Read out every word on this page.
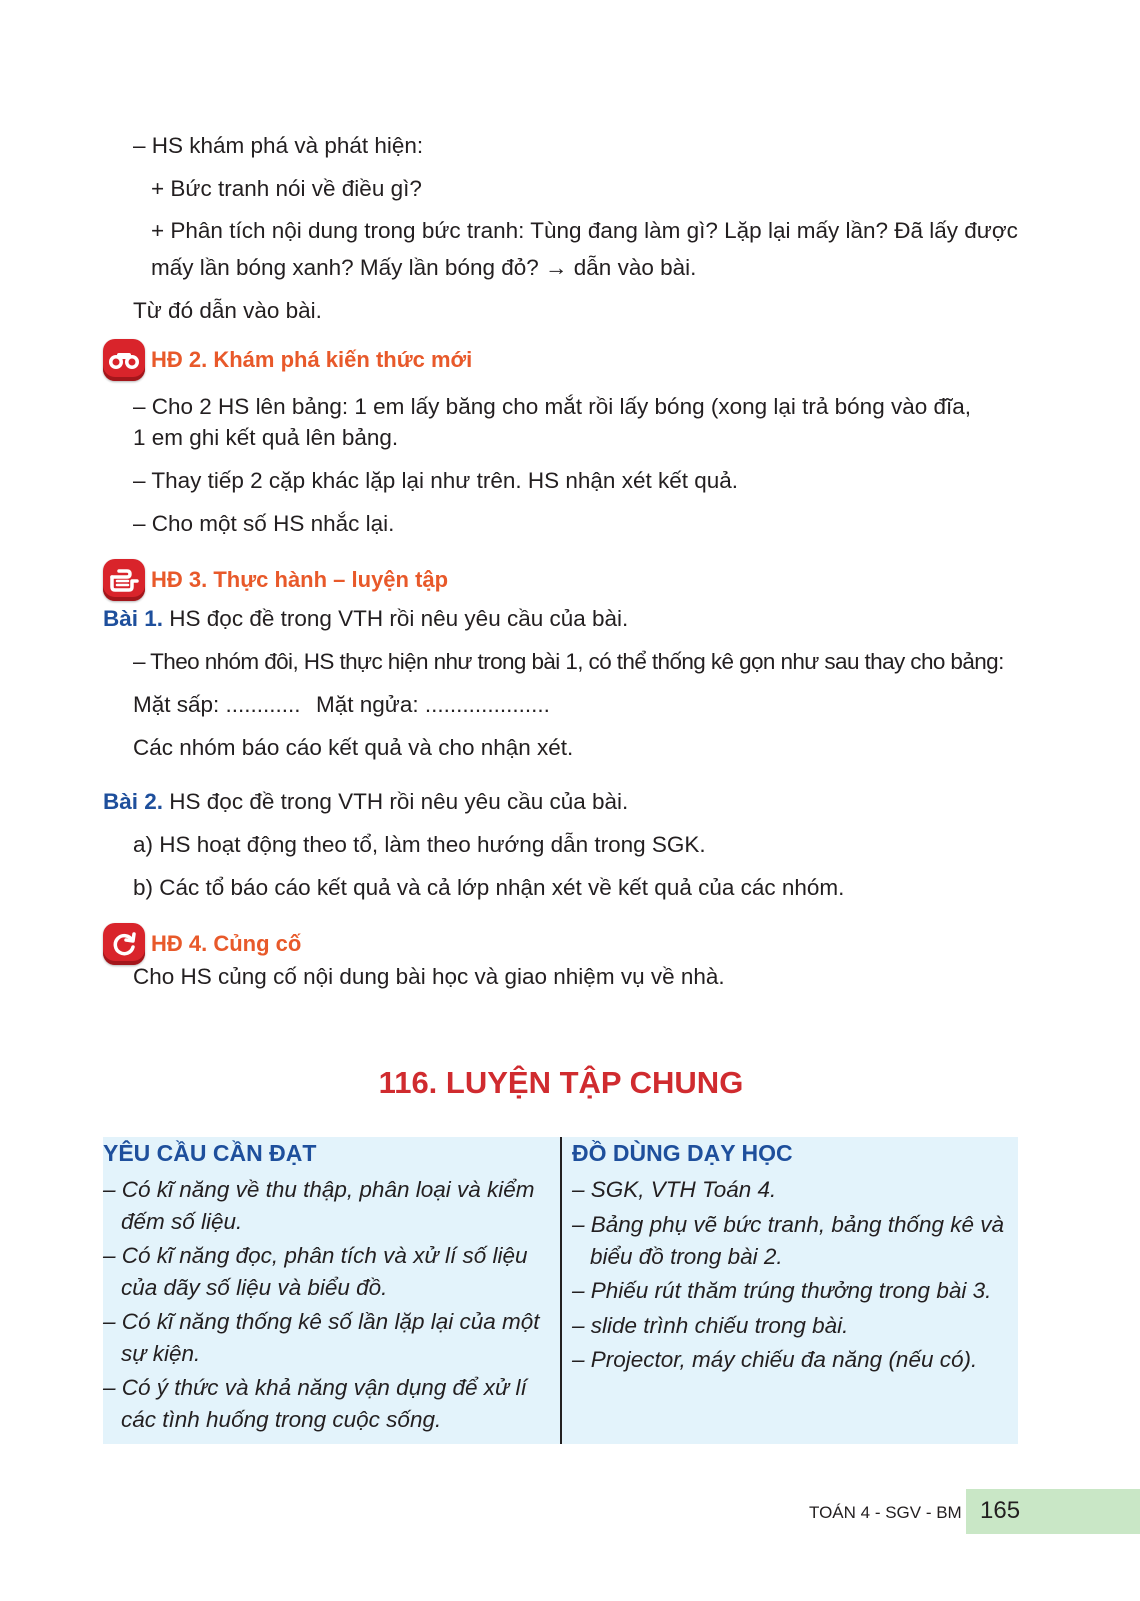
– HS khám phá và phát hiện:
+ Bức tranh nói về điều gì?
+ Phân tích nội dung trong bức tranh: Tùng đang làm gì? Lặp lại mấy lần? Đã lấy được
mấy lần bóng xanh? Mấy lần bóng đỏ? → dẫn vào bài.
Từ đó dẫn vào bài.
HĐ 2. Khám phá kiến thức mới
– Cho 2 HS lên bảng: 1 em lấy băng cho mắt rồi lấy bóng (xong lại trả bóng vào đĩa,
1 em ghi kết quả lên bảng.
– Thay tiếp 2 cặp khác lặp lại như trên. HS nhận xét kết quả.
– Cho một số HS nhắc lại.
HĐ 3. Thực hành – luyện tập
Bài 1. HS đọc đề trong VTH rồi nêu yêu cầu của bài.
– Theo nhóm đôi, HS thực hiện như trong bài 1, có thể thống kê gọn như sau thay cho bảng:
Mặt sấp: ............ Mặt ngửa: ....................
Các nhóm báo cáo kết quả và cho nhận xét.
Bài 2. HS đọc đề trong VTH rồi nêu yêu cầu của bài.
a) HS hoạt động theo tổ, làm theo hướng dẫn trong SGK.
b) Các tổ báo cáo kết quả và cả lớp nhận xét về kết quả của các nhóm.
HĐ 4. Củng cố
Cho HS củng cố nội dung bài học và giao nhiệm vụ về nhà.
116. LUYỆN TẬP CHUNG
YÊU CẦU CẦN ĐẠT
– Có kĩ năng về thu thập, phân loại và kiểm
đếm số liệu.
– Có kĩ năng đọc, phân tích và xử lí số liệu
của dãy số liệu và biểu đồ.
– Có kĩ năng thống kê số lần lặp lại của một
sự kiện.
– Có ý thức và khả năng vận dụng để xử lí
các tình huống trong cuộc sống.
ĐỒ DÙNG DẠY HỌC
– SGK, VTH Toán 4.
– Bảng phụ vẽ bức tranh, bảng thống kê và
biểu đồ trong bài 2.
– Phiếu rút thăm trúng thưởng trong bài 3.
– slide trình chiếu trong bài.
– Projector, máy chiếu đa năng (nếu có).
TOÁN 4 - SGV - BM 165
